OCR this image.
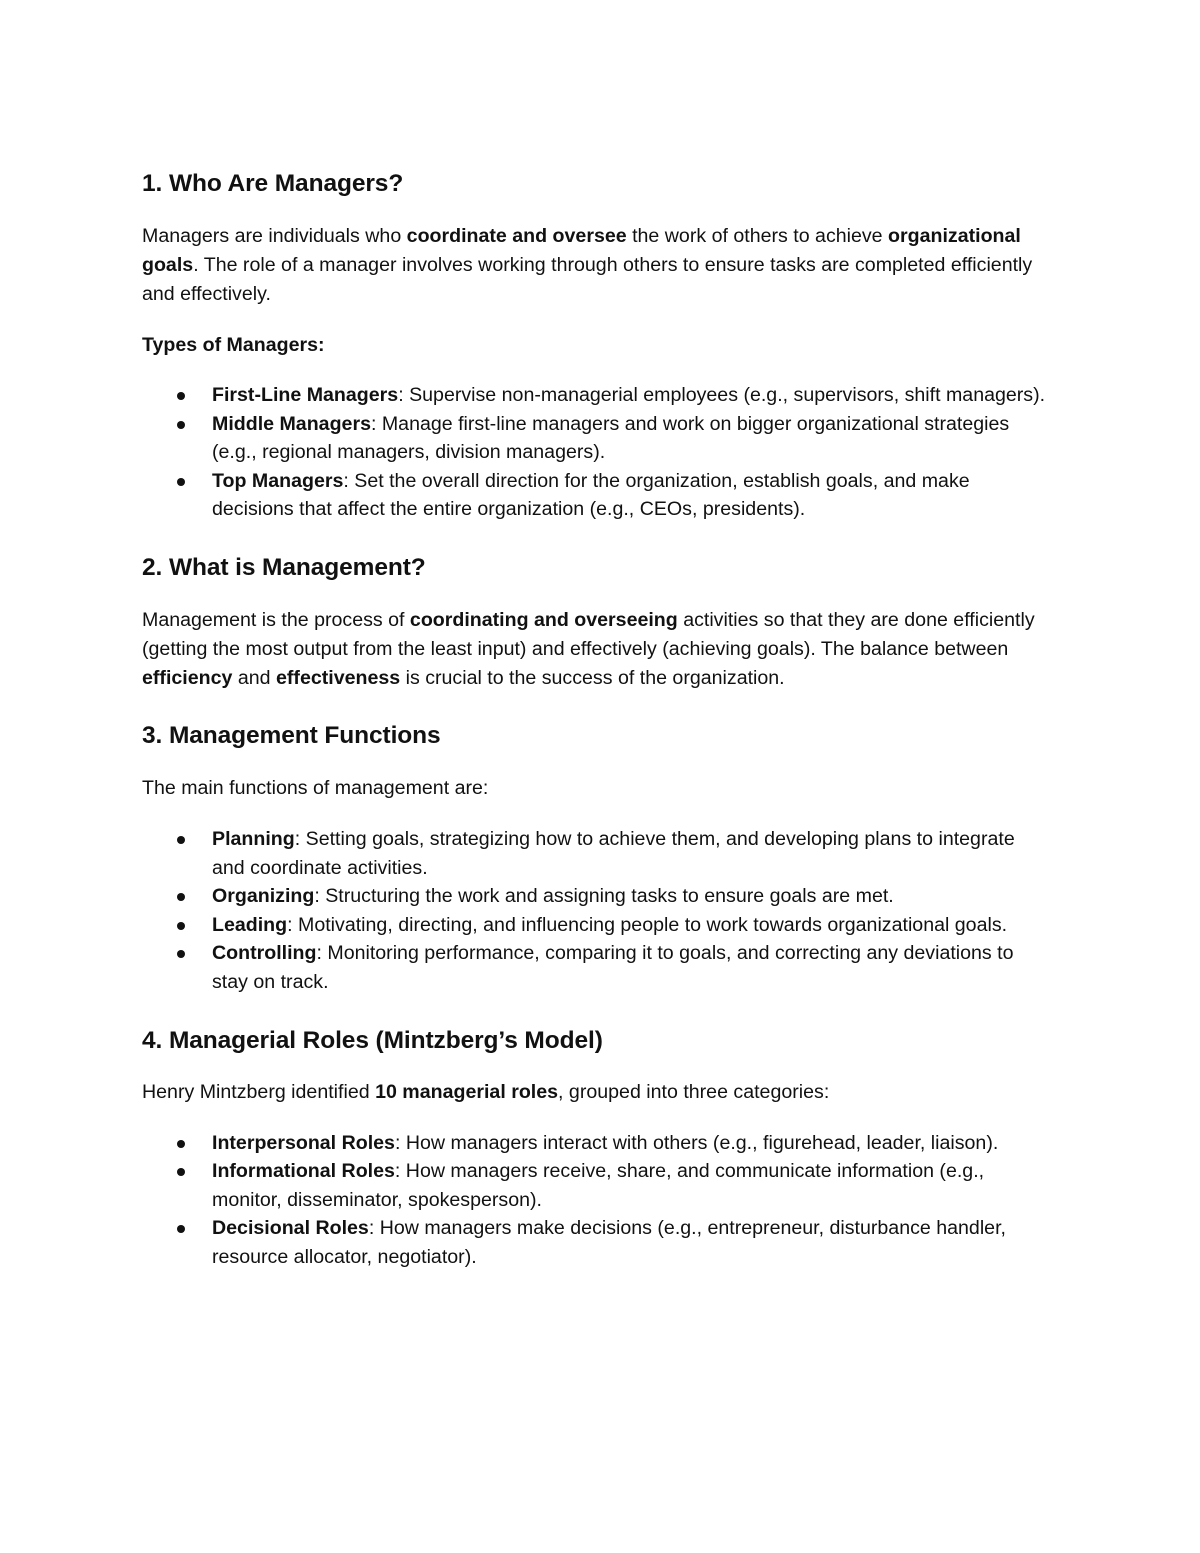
1. Who Are Managers?

Managers are individuals who coordinate and oversee the work of others to achieve organizational goals. The role of a manager involves working through others to ensure tasks are completed efficiently and effectively.

Types of Managers:

First-Line Managers: Supervise non-managerial employees (e.g., supervisors, shift managers).
Middle Managers: Manage first-line managers and work on bigger organizational strategies (e.g., regional managers, division managers).
Top Managers: Set the overall direction for the organization, establish goals, and make decisions that affect the entire organization (e.g., CEOs, presidents).
2. What is Management?

Management is the process of coordinating and overseeing activities so that they are done efficiently (getting the most output from the least input) and effectively (achieving goals). The balance between efficiency and effectiveness is crucial to the success of the organization.

3. Management Functions

The main functions of management are:

Planning: Setting goals, strategizing how to achieve them, and developing plans to integrate and coordinate activities.
Organizing: Structuring the work and assigning tasks to ensure goals are met.
Leading: Motivating, directing, and influencing people to work towards organizational goals.
Controlling: Monitoring performance, comparing it to goals, and correcting any deviations to stay on track.
4. Managerial Roles (Mintzberg’s Model)

Henry Mintzberg identified 10 managerial roles, grouped into three categories:

Interpersonal Roles: How managers interact with others (e.g., figurehead, leader, liaison).
Informational Roles: How managers receive, share, and communicate information (e.g., monitor, disseminator, spokesperson).
Decisional Roles: How managers make decisions (e.g., entrepreneur, disturbance handler, resource allocator, negotiator).
